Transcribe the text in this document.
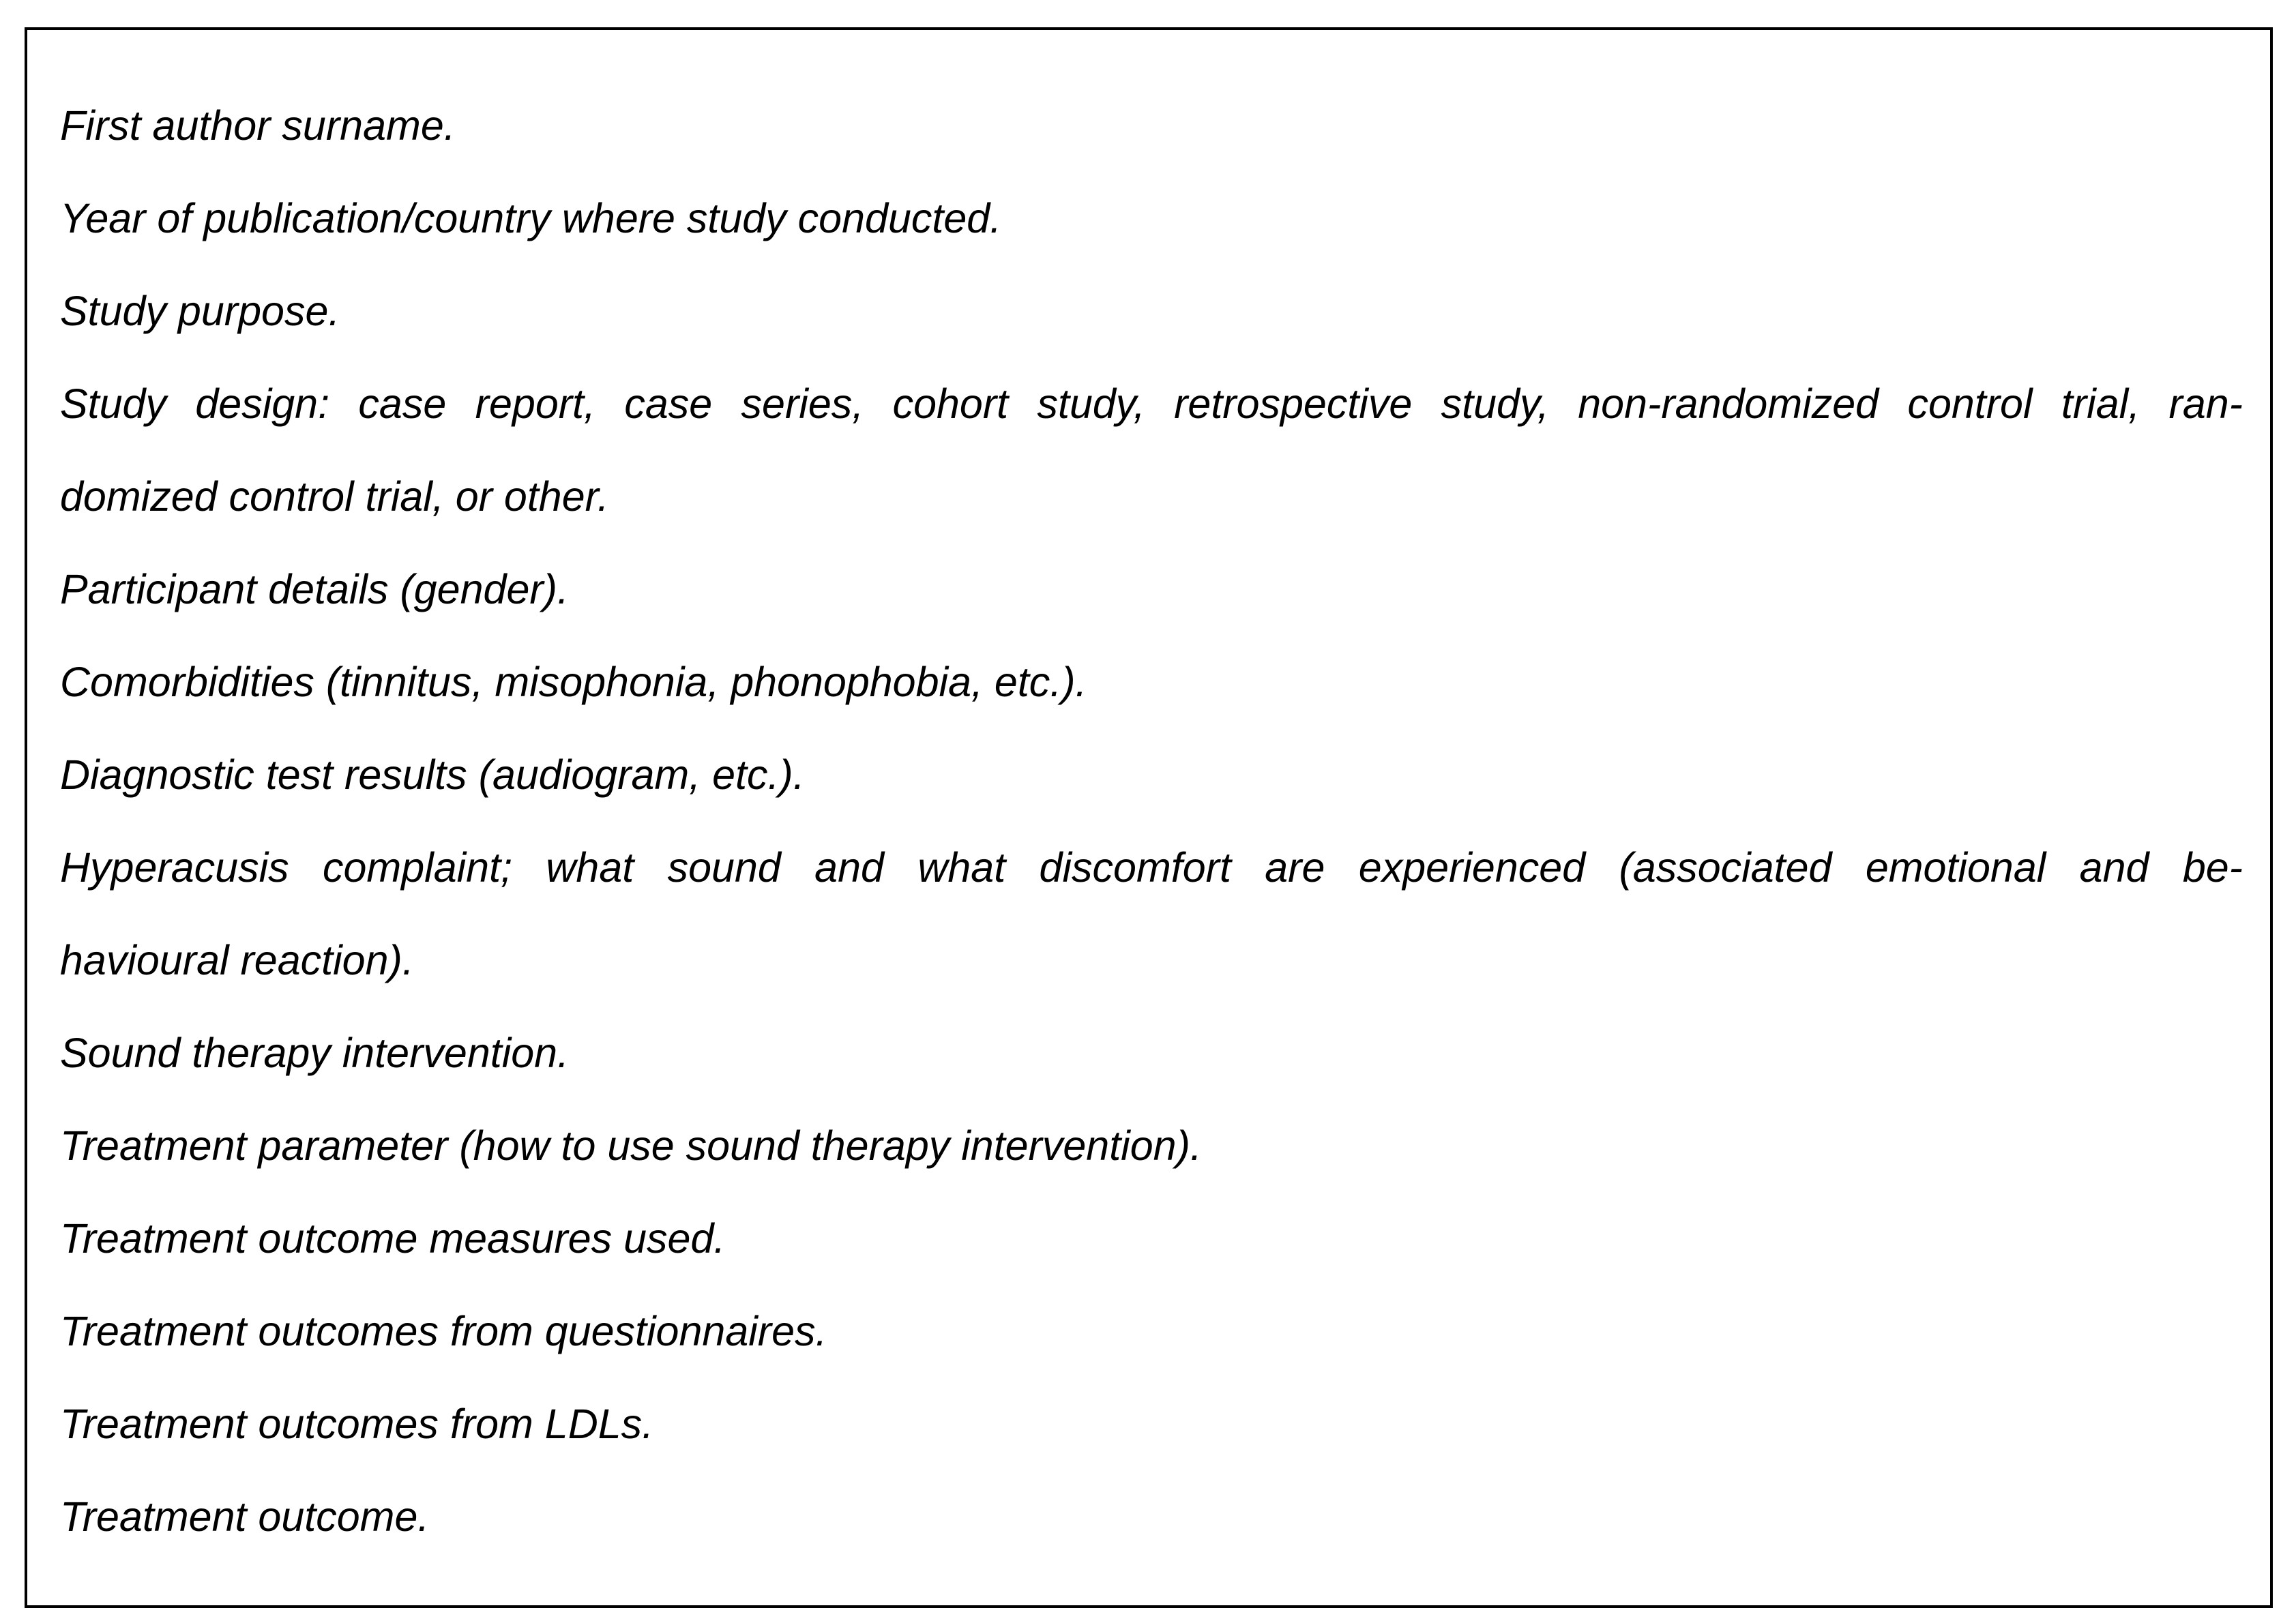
First author surname.
Year of publication/country where study conducted.
Study purpose.
Study design: case report, case series, cohort study, retrospective study, non-randomized control trial, ran-
domized control trial, or other.
Participant details (gender).
Comorbidities (tinnitus, misophonia, phonophobia, etc.).
Diagnostic test results (audiogram, etc.).
Hyperacusis complaint; what sound and what discomfort are experienced (associated emotional and be-
havioural reaction).
Sound therapy intervention.
Treatment parameter (how to use sound therapy intervention).
Treatment outcome measures used.
Treatment outcomes from questionnaires.
Treatment outcomes from LDLs.
Treatment outcome.
